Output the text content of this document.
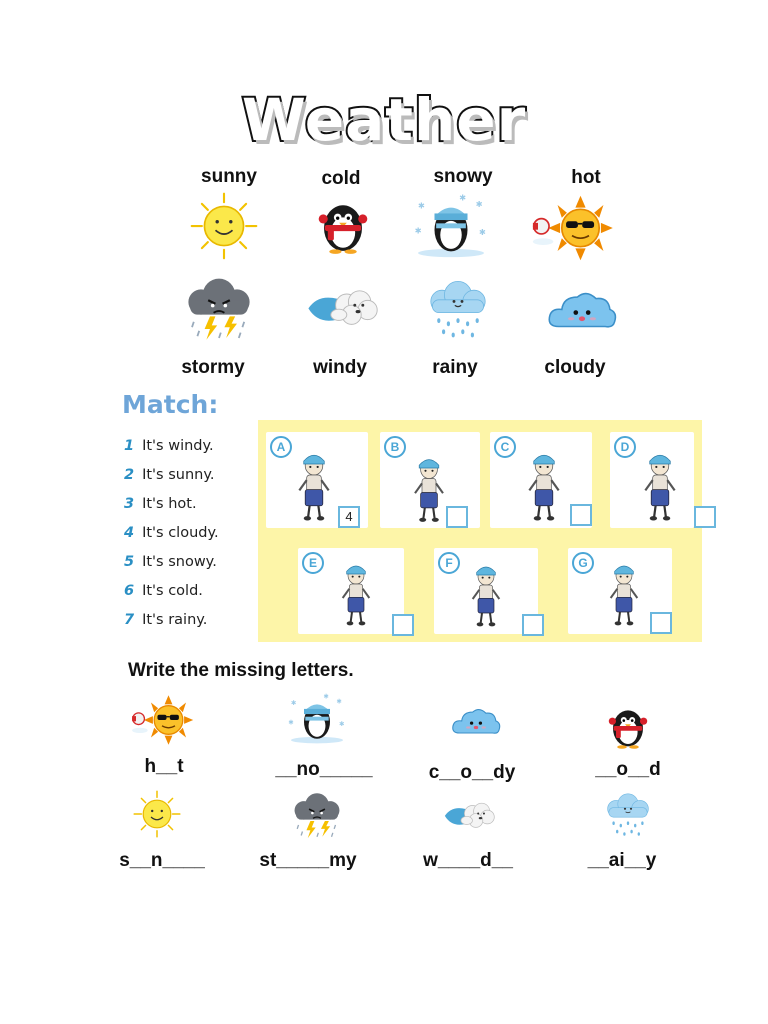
Weather
sunny	cold	snowy	hot
stormy	windy	rainy	cloudy
Match:
1 It's windy.
2 It's sunny.
3 It's hot.
4 It's cloudy.
5 It's snowy.
6 It's cold.
7 It's rainy.
A
4
B	C	D
E	F	G
Write the missing letters.
h__t	__no_____	c__o__dy	__o__d
s__n____	st_____my	w____d__	__ai__y
